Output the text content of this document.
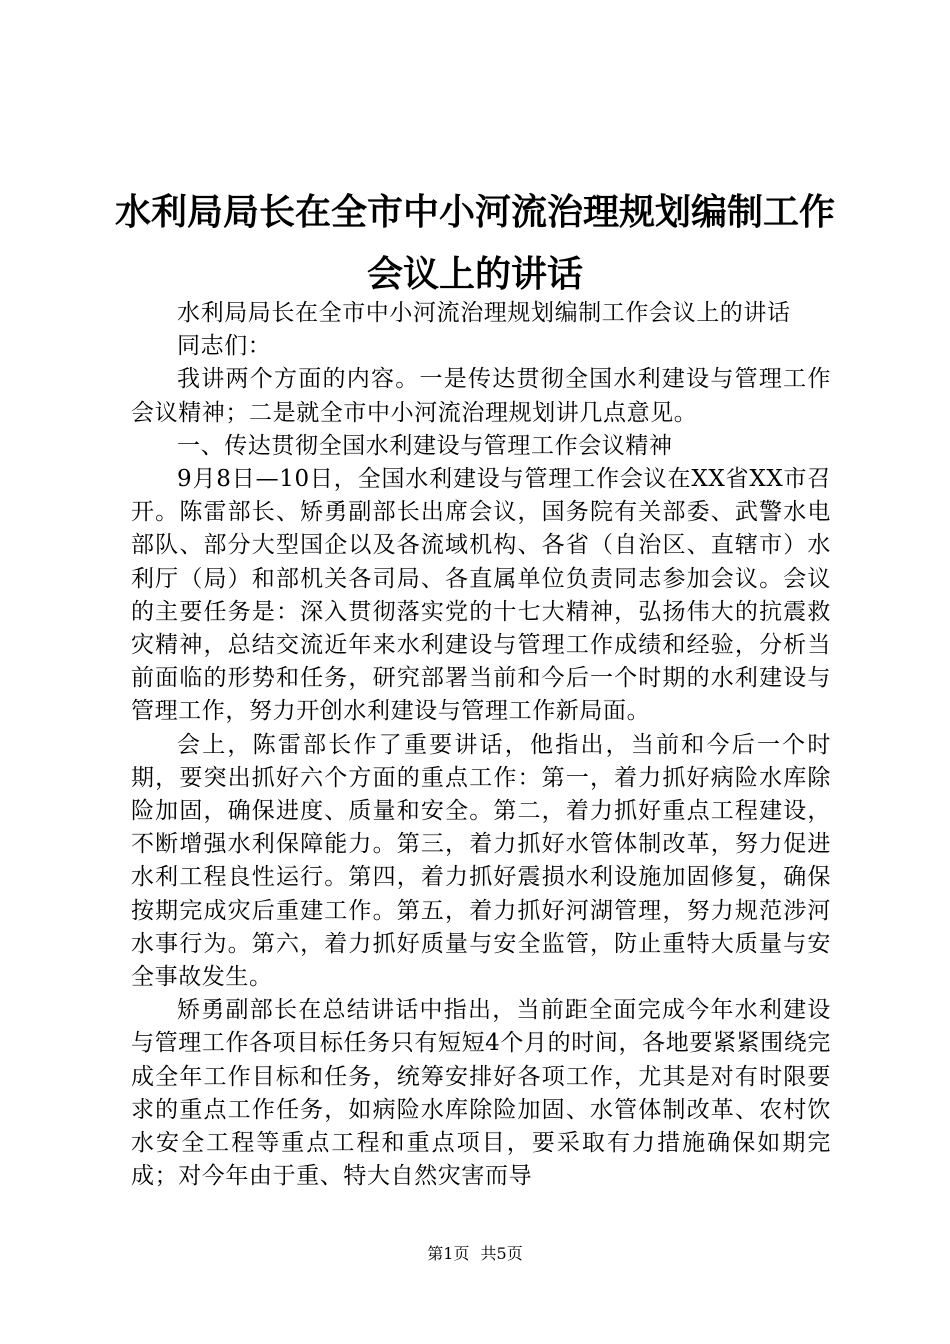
水利局局长在全市中小河流治理规划编制工作会议上的讲话

水利局局长在全市中小河流治理规划编制工作会议上的讲话

同志们：

我讲两个方面的内容。一是传达贯彻全国水利建设与管理工作会议精神；二是就全市中小河流治理规划讲几点意见。

一、传达贯彻全国水利建设与管理工作会议精神

9月8日—10日，全国水利建设与管理工作会议在XX省XX市召开。陈雷部长、矫勇副部长出席会议，国务院有关部委、武警水电部队、部分大型国企以及各流域机构、各省（自治区、直辖市）水利厅（局）和部机关各司局、各直属单位负责同志参加会议。会议的主要任务是：深入贯彻落实党的十七大精神，弘扬伟大的抗震救灾精神，总结交流近年来水利建设与管理工作成绩和经验，分析当前面临的形势和任务，研究部署当前和今后一个时期的水利建设与管理工作，努力开创水利建设与管理工作新局面。

会上，陈雷部长作了重要讲话，他指出，当前和今后一个时期，要突出抓好六个方面的重点工作：第一，着力抓好病险水库除险加固，确保进度、质量和安全。第二，着力抓好重点工程建设，不断增强水利保障能力。第三，着力抓好水管体制改革，努力促进水利工程良性运行。第四，着力抓好震损水利设施加固修复，确保按期完成灾后重建工作。第五，着力抓好河湖管理，努力规范涉河水事行为。第六，着力抓好质量与安全监管，防止重特大质量与安全事故发生。

矫勇副部长在总结讲话中指出，当前距全面完成今年水利建设与管理工作各项目标任务只有短短4个月的时间，各地要紧紧围绕完成全年工作目标和任务，统筹安排好各项工作，尤其是对有时限要求的重点工作任务，如病险水库除险加固、水管体制改革、农村饮水安全工程等重点工程和重点项目，要采取有力措施确保如期完成；对今年由于重、特大自然灾害而导

第1页 共5页
